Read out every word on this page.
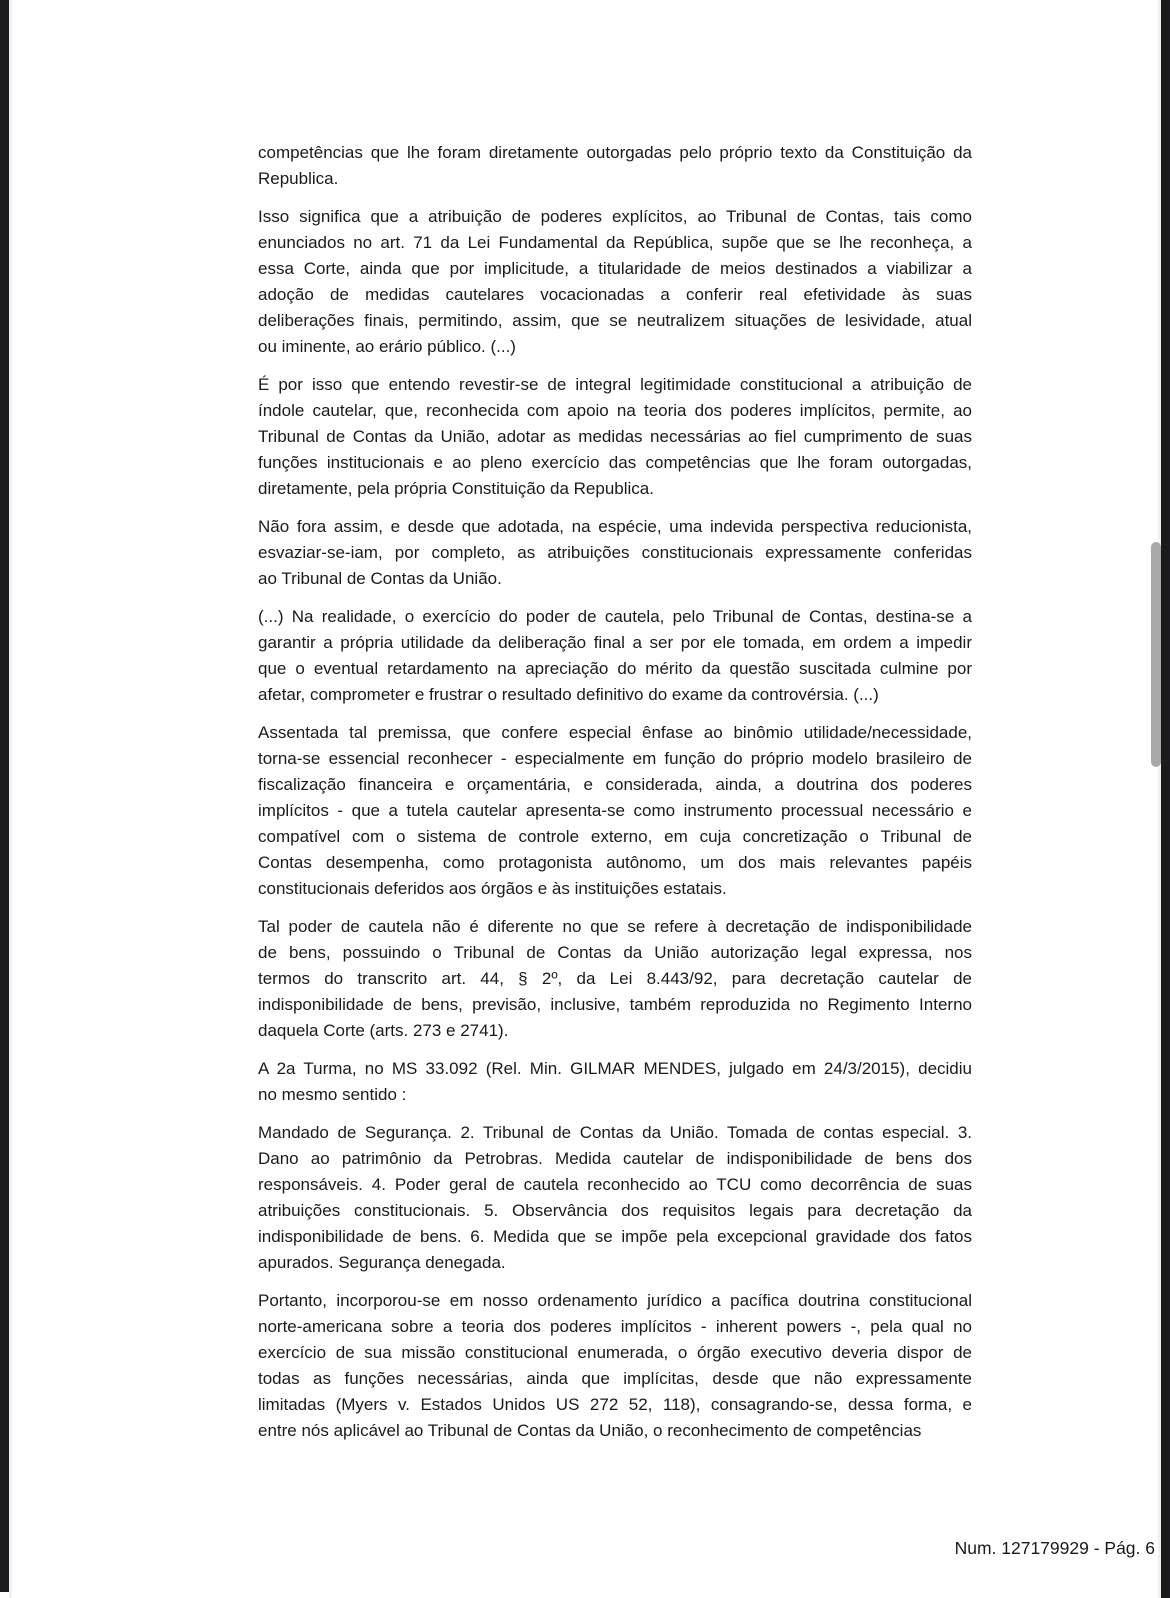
competências que lhe foram diretamente outorgadas pelo próprio texto da Constituição da
Republica.
Isso significa que a atribuição de poderes explícitos, ao Tribunal de Contas, tais como
enunciados no art. 71 da Lei Fundamental da República, supõe que se lhe reconheça, a
essa Corte, ainda que por implicitude, a titularidade de meios destinados a viabilizar a
adoção de medidas cautelares vocacionadas a conferir real efetividade às suas
deliberações finais, permitindo, assim, que se neutralizem situações de lesividade, atual
ou iminente, ao erário público. (...)
É por isso que entendo revestir-se de integral legitimidade constitucional a atribuição de
índole cautelar, que, reconhecida com apoio na teoria dos poderes implícitos, permite, ao
Tribunal de Contas da União, adotar as medidas necessárias ao fiel cumprimento de suas
funções institucionais e ao pleno exercício das competências que lhe foram outorgadas,
diretamente, pela própria Constituição da Republica.
Não fora assim, e desde que adotada, na espécie, uma indevida perspectiva reducionista,
esvaziar-se-iam, por completo, as atribuições constitucionais expressamente conferidas
ao Tribunal de Contas da União.
(...) Na realidade, o exercício do poder de cautela, pelo Tribunal de Contas, destina-se a
garantir a própria utilidade da deliberação final a ser por ele tomada, em ordem a impedir
que o eventual retardamento na apreciação do mérito da questão suscitada culmine por
afetar, comprometer e frustrar o resultado definitivo do exame da controvérsia. (...)
Assentada tal premissa, que confere especial ênfase ao binômio utilidade/necessidade,
torna-se essencial reconhecer - especialmente em função do próprio modelo brasileiro de
fiscalização financeira e orçamentária, e considerada, ainda, a doutrina dos poderes
implícitos - que a tutela cautelar apresenta-se como instrumento processual necessário e
compatível com o sistema de controle externo, em cuja concretização o Tribunal de
Contas desempenha, como protagonista autônomo, um dos mais relevantes papéis
constitucionais deferidos aos órgãos e às instituições estatais.
Tal poder de cautela não é diferente no que se refere à decretação de indisponibilidade
de bens, possuindo o Tribunal de Contas da União autorização legal expressa, nos
termos do transcrito art. 44, § 2º, da Lei 8.443/92, para decretação cautelar de
indisponibilidade de bens, previsão, inclusive, também reproduzida no Regimento Interno
daquela Corte (arts. 273 e 2741).
A 2a Turma, no MS 33.092 (Rel. Min. GILMAR MENDES, julgado em 24/3/2015), decidiu
no mesmo sentido :
Mandado de Segurança. 2. Tribunal de Contas da União. Tomada de contas especial. 3.
Dano ao patrimônio da Petrobras. Medida cautelar de indisponibilidade de bens dos
responsáveis. 4. Poder geral de cautela reconhecido ao TCU como decorrência de suas
atribuições constitucionais. 5. Observância dos requisitos legais para decretação da
indisponibilidade de bens. 6. Medida que se impõe pela excepcional gravidade dos fatos
apurados. Segurança denegada.
Portanto, incorporou-se em nosso ordenamento jurídico a pacífica doutrina constitucional
norte-americana sobre a teoria dos poderes implícitos - inherent powers -, pela qual no
exercício de sua missão constitucional enumerada, o órgão executivo deveria dispor de
todas as funções necessárias, ainda que implícitas, desde que não expressamente
limitadas (Myers v. Estados Unidos US 272 52, 118), consagrando-se, dessa forma, e
entre nós aplicável ao Tribunal de Contas da União, o reconhecimento de competências
Num. 127179929 - Pág. 6
